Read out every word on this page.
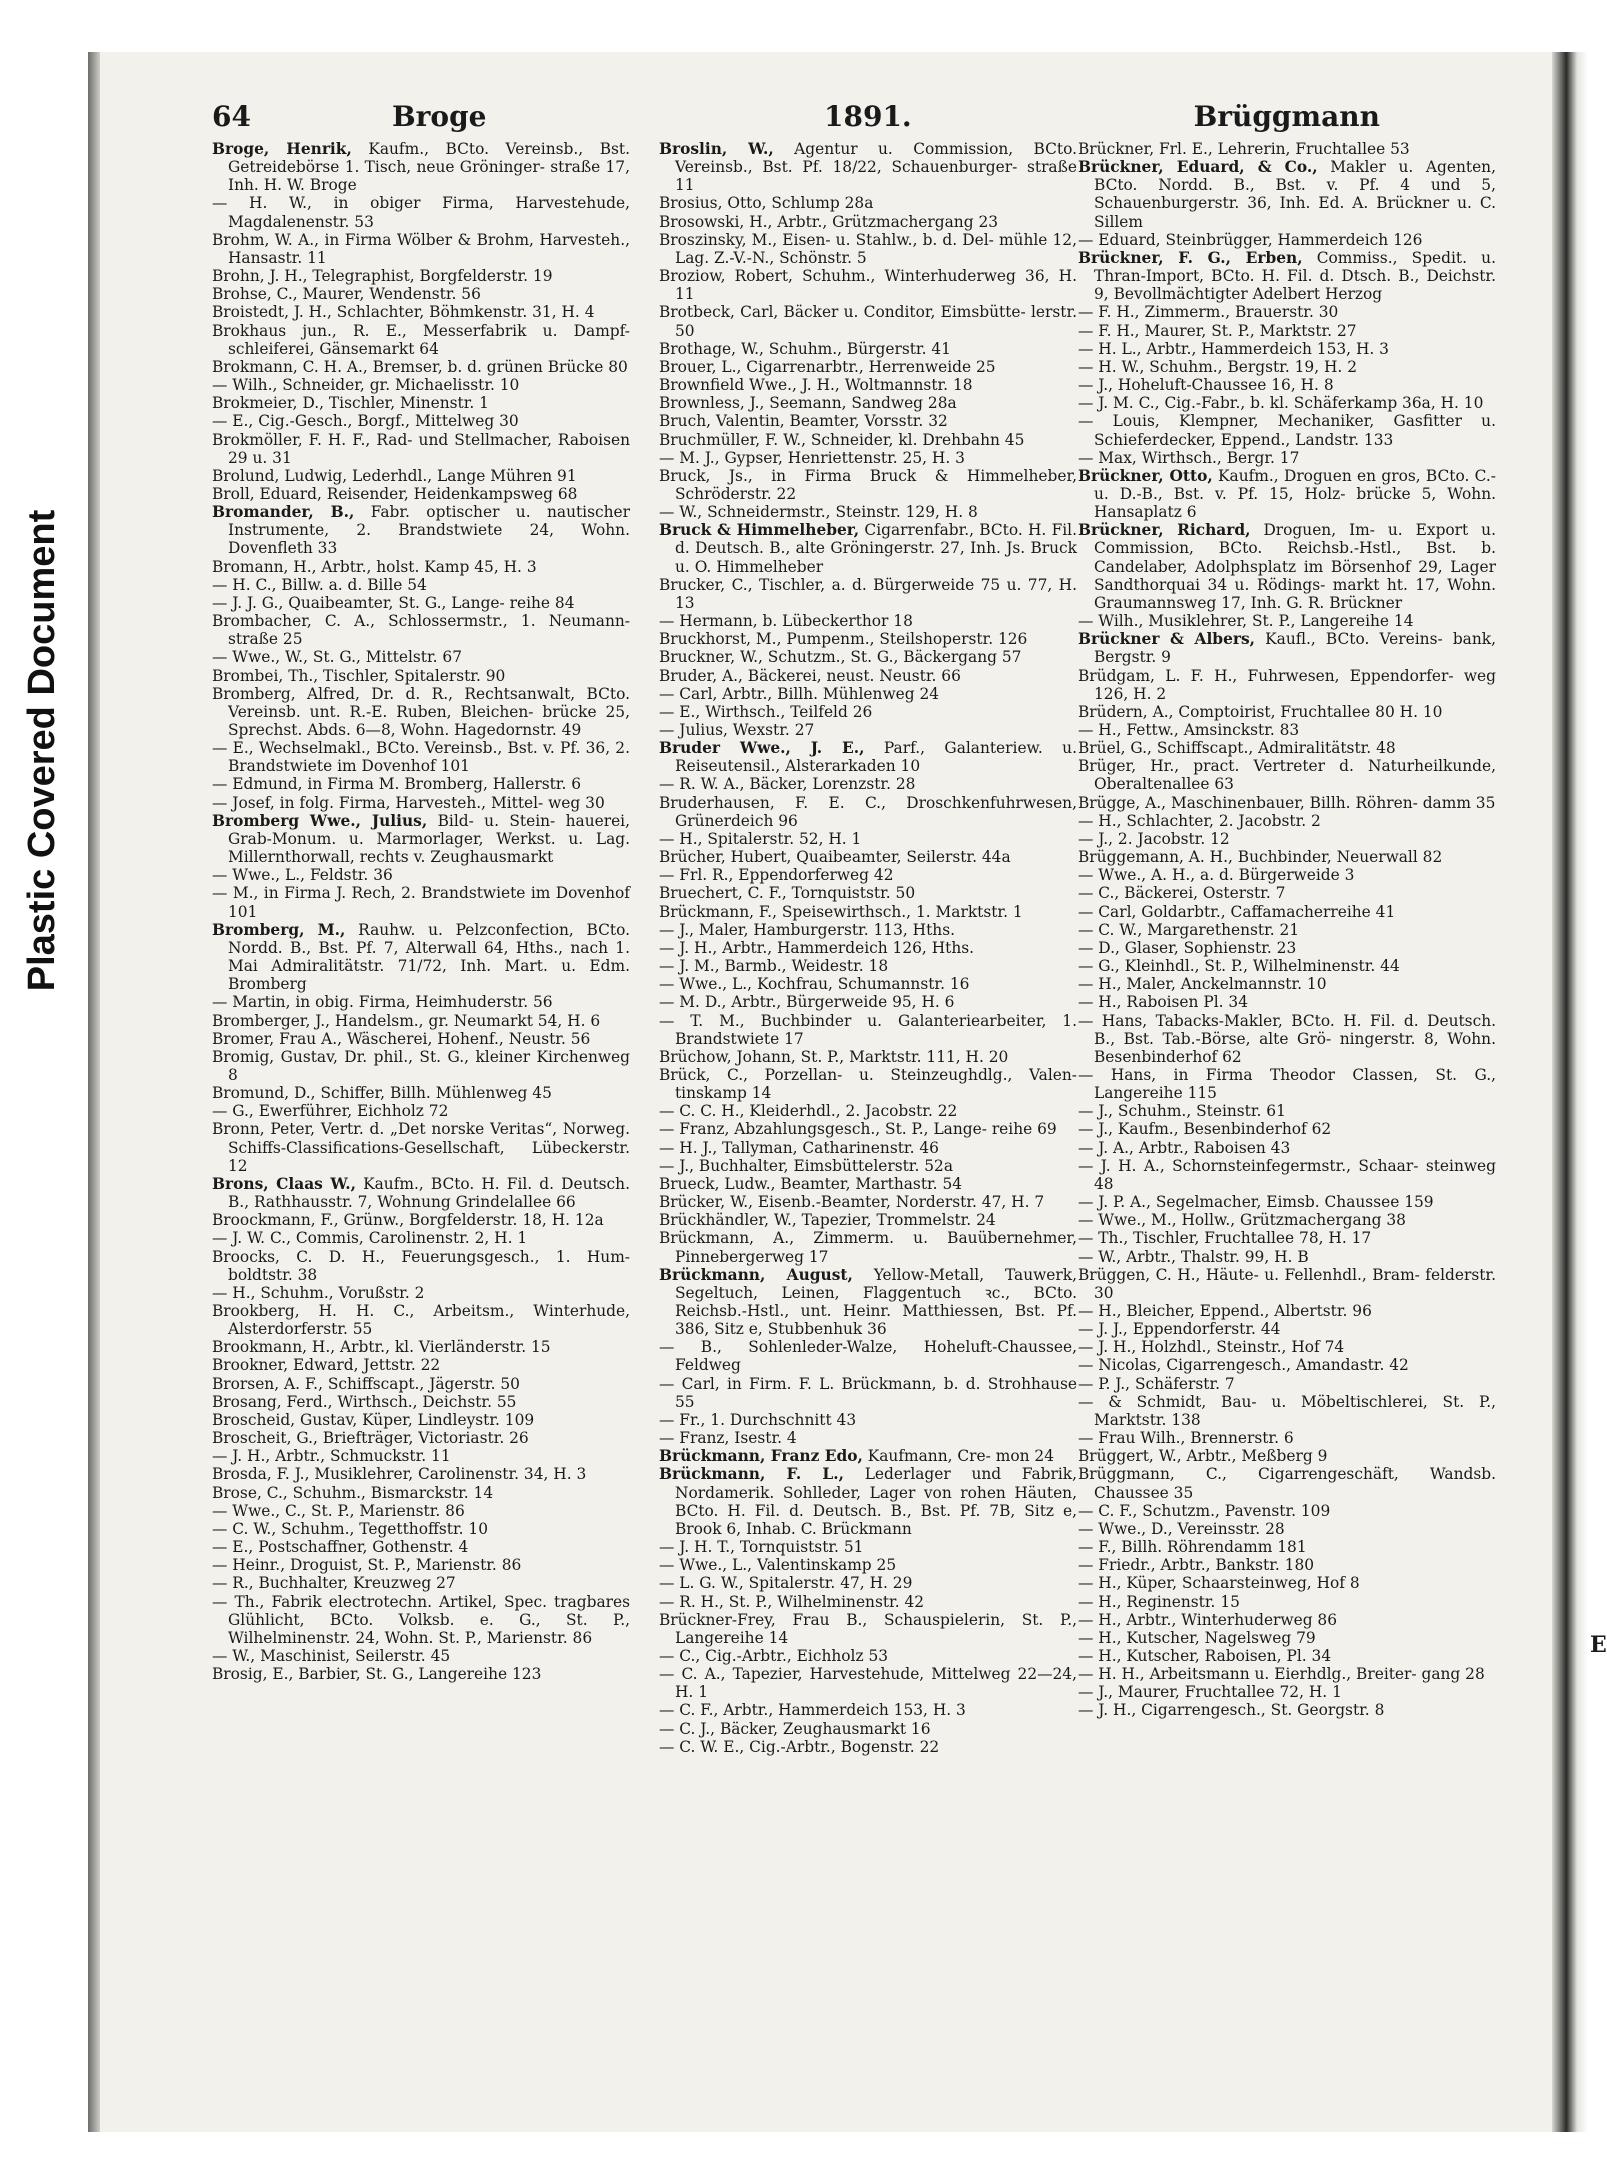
Plastic Covered Document
E
64	Broge	1891.	Brüggmann

Broge, Henrik, Kaufm., BCto. Vereinsb., Bst. Getreidebörse 1. Tisch, neue Gröninger- straße 17, Inh. H. W. Broge

— H. W., in obiger Firma, Harvestehude, Magdalenenstr. 53

Brohm, W. A., in Firma Wölber & Brohm, Harvesteh., Hansastr. 11

Brohn, J. H., Telegraphist, Borgfelderstr. 19

Brohse, C., Maurer, Wendenstr. 56

Broistedt, J. H., Schlachter, Böhmkenstr. 31, H. 4

Brokhaus jun., R. E., Messerfabrik u. Dampf- schleiferei, Gänsemarkt 64

Brokmann, C. H. A., Bremser, b. d. grünen Brücke 80

— Wilh., Schneider, gr. Michaelisstr. 10

Brokmeier, D., Tischler, Minenstr. 1

— E., Cig.-Gesch., Borgf., Mittelweg 30

Brokmöller, F. H. F., Rad- und Stellmacher, Raboisen 29 u. 31

Brolund, Ludwig, Lederhdl., Lange Mühren 91

Broll, Eduard, Reisender, Heidenkampsweg 68

Bromander, B., Fabr. optischer u. nautischer Instrumente, 2. Brandstwiete 24, Wohn. Dovenfleth 33

Bromann, H., Arbtr., holst. Kamp 45, H. 3

— H. C., Billw. a. d. Bille 54

— J. J. G., Quaibeamter, St. G., Lange- reihe 84

Brombacher, C. A., Schlossermstr., 1. Neumann- straße 25

— Wwe., W., St. G., Mittelstr. 67

Brombei, Th., Tischler, Spitalerstr. 90

Bromberg, Alfred, Dr. d. R., Rechtsanwalt, BCto. Vereinsb. unt. R.-E. Ruben, Bleichen- brücke 25, Sprechst. Abds. 6—8, Wohn. Hagedornstr. 49

— E., Wechselmakl., BCto. Vereinsb., Bst. v. Pf. 36, 2. Brandstwiete im Dovenhof 101

— Edmund, in Firma M. Bromberg, Hallerstr. 6

— Josef, in folg. Firma, Harvesteh., Mittel- weg 30

Bromberg Wwe., Julius, Bild- u. Stein- hauerei, Grab-Monum. u. Marmorlager, Werkst. u. Lag. Millernthorwall, rechts v. Zeughausmarkt

— Wwe., L., Feldstr. 36

— M., in Firma J. Rech, 2. Brandstwiete im Dovenhof 101

Bromberg, M., Rauhw. u. Pelzconfection, BCto. Nordd. B., Bst. Pf. 7, Alterwall 64, Hths., nach 1. Mai Admiralitätstr. 71/72, Inh. Mart. u. Edm. Bromberg

— Martin, in obig. Firma, Heimhuderstr. 56

Bromberger, J., Handelsm., gr. Neumarkt 54, H. 6

Bromer, Frau A., Wäscherei, Hohenf., Neustr. 56

Bromig, Gustav, Dr. phil., St. G., kleiner Kirchenweg 8

Bromund, D., Schiffer, Billh. Mühlenweg 45

— G., Ewerführer, Eichholz 72

Bronn, Peter, Vertr. d. „Det norske Veritas“, Norweg. Schiffs-Classifications-Gesellschaft, Lübeckerstr. 12

Brons, Claas W., Kaufm., BCto. H. Fil. d. Deutsch. B., Rathhausstr. 7, Wohnung Grindelallee 66

Broockmann, F., Grünw., Borgfelderstr. 18, H. 12a

— J. W. C., Commis, Carolinenstr. 2, H. 1

Broocks, C. D. H., Feuerungsgesch., 1. Hum- boldtstr. 38

— H., Schuhm., Vorußstr. 2

Brookberg, H. H. C., Arbeitsm., Winterhude, Alsterdorferstr. 55

Brookmann, H., Arbtr., kl. Vierländerstr. 15

Brookner, Edward, Jettstr. 22

Brorsen, A. F., Schiffscapt., Jägerstr. 50

Brosang, Ferd., Wirthsch., Deichstr. 55

Broscheid, Gustav, Küper, Lindleystr. 109

Broscheit, G., Briefträger, Victoriastr. 26

— J. H., Arbtr., Schmuckstr. 11

Brosda, F. J., Musiklehrer, Carolinenstr. 34, H. 3

Brose, C., Schuhm., Bismarckstr. 14

— Wwe., C., St. P., Marienstr. 86

— C. W., Schuhm., Tegetthoffstr. 10

— E., Postschaffner, Gothenstr. 4

— Heinr., Droguist, St. P., Marienstr. 86

— R., Buchhalter, Kreuzweg 27

— Th., Fabrik electrotechn. Artikel, Spec. tragbares Glühlicht, BCto. Volksb. e. G., St. P., Wilhelminenstr. 24, Wohn. St. P., Marienstr. 86

— W., Maschinist, Seilerstr. 45

Brosig, E., Barbier, St. G., Langereihe 123

Broslin, W., Agentur u. Commission, BCto. Vereinsb., Bst. Pf. 18/22, Schauenburger- straße 11

Brosius, Otto, Schlump 28a

Brosowski, H., Arbtr., Grützmachergang 23

Broszinsky, M., Eisen- u. Stahlw., b. d. Del- mühle 12, Lag. Z.-V.-N., Schönstr. 5

Broziow, Robert, Schuhm., Winterhuderweg 36, H. 11

Brotbeck, Carl, Bäcker u. Conditor, Eimsbütte- lerstr. 50

Brothage, W., Schuhm., Bürgerstr. 41

Brouer, L., Cigarrenarbtr., Herrenweide 25

Brownfield Wwe., J. H., Woltmannstr. 18

Brownless, J., Seemann, Sandweg 28a

Bruch, Valentin, Beamter, Vorsstr. 32

Bruchmüller, F. W., Schneider, kl. Drehbahn 45

— M. J., Gypser, Henriettenstr. 25, H. 3

Bruck, Js., in Firma Bruck & Himmelheber, Schröderstr. 22

— W., Schneidermstr., Steinstr. 129, H. 8

Bruck & Himmelheber, Cigarrenfabr., BCto. H. Fil. d. Deutsch. B., alte Gröningerstr. 27, Inh. Js. Bruck u. O. Himmelheber

Brucker, C., Tischler, a. d. Bürgerweide 75 u. 77, H. 13

— Hermann, b. Lübeckerthor 18

Bruckhorst, M., Pumpenm., Steilshoperstr. 126

Bruckner, W., Schutzm., St. G., Bäckergang 57

Bruder, A., Bäckerei, neust. Neustr. 66

— Carl, Arbtr., Billh. Mühlenweg 24

— E., Wirthsch., Teilfeld 26

— Julius, Wexstr. 27

Bruder Wwe., J. E., Parf., Galanteriew. u. Reiseutensil., Alsterarkaden 10

— R. W. A., Bäcker, Lorenzstr. 28

Bruderhausen, F. E. C., Droschkenfuhrwesen, Grünerdeich 96

— H., Spitalerstr. 52, H. 1

Brücher, Hubert, Quaibeamter, Seilerstr. 44a

— Frl. R., Eppendorferweg 42

Bruechert, C. F., Tornquiststr. 50

Brückmann, F., Speisewirthsch., 1. Marktstr. 1

— J., Maler, Hamburgerstr. 113, Hths.

— J. H., Arbtr., Hammerdeich 126, Hths.

— J. M., Barmb., Weidestr. 18

— Wwe., L., Kochfrau, Schumannstr. 16

— M. D., Arbtr., Bürgerweide 95, H. 6

— T. M., Buchbinder u. Galanteriearbeiter, 1. Brandstwiete 17

Brüchow, Johann, St. P., Marktstr. 111, H. 20

Brück, C., Porzellan- u. Steinzeughdlg., Valen- tinskamp 14

— C. C. H., Kleiderhdl., 2. Jacobstr. 22

— Franz, Abzahlungsgesch., St. P., Lange- reihe 69

— H. J., Tallyman, Catharinenstr. 46

— J., Buchhalter, Eimsbüttelerstr. 52a

Brueck, Ludw., Beamter, Marthastr. 54

Brücker, W., Eisenb.-Beamter, Norderstr. 47, H. 7

Brückhändler, W., Tapezier, Trommelstr. 24

Brückmann, A., Zimmerm. u. Bauübernehmer, Pinnebergerweg 17

Brückmann, August, Yellow-Metall, Tauwerk, Segeltuch, Leinen, Flaggentuch ꝛc., BCto. Reichsb.-Hstl., unt. Heinr. Matthiessen, Bst. Pf. 386, Sitz e, Stubbenhuk 36

— B., Sohlenleder-Walze, Hoheluft-Chaussee, Feldweg

— Carl, in Firm. F. L. Brückmann, b. d. Strohhause 55

— Fr., 1. Durchschnitt 43

— Franz, Isestr. 4

Brückmann, Franz Edo, Kaufmann, Cre- mon 24

Brückmann, F. L., Lederlager und Fabrik, Nordamerik. Sohlleder, Lager von rohen Häuten, BCto. H. Fil. d. Deutsch. B., Bst. Pf. 7B, Sitz e, Brook 6, Inhab. C. Brückmann

— J. H. T., Tornquiststr. 51

— Wwe., L., Valentinskamp 25

— L. G. W., Spitalerstr. 47, H. 29

— R. H., St. P., Wilhelminenstr. 42

Brückner-Frey, Frau B., Schauspielerin, St. P., Langereihe 14

— C., Cig.-Arbtr., Eichholz 53

— C. A., Tapezier, Harvestehude, Mittelweg 22—24, H. 1

— C. F., Arbtr., Hammerdeich 153, H. 3

— C. J., Bäcker, Zeughausmarkt 16

— C. W. E., Cig.-Arbtr., Bogenstr. 22

Brückner, Frl. E., Lehrerin, Fruchtallee 53

Brückner, Eduard, & Co., Makler u. Agenten, BCto. Nordd. B., Bst. v. Pf. 4 und 5, Schauenburgerstr. 36, Inh. Ed. A. Brückner u. C. Sillem

— Eduard, Steinbrügger, Hammerdeich 126

Brückner, F. G., Erben, Commiss., Spedit. u. Thran-Import, BCto. H. Fil. d. Dtsch. B., Deichstr. 9, Bevollmächtigter Adelbert Herzog

— F. H., Zimmerm., Brauerstr. 30

— F. H., Maurer, St. P., Marktstr. 27

— H. L., Arbtr., Hammerdeich 153, H. 3

— H. W., Schuhm., Bergstr. 19, H. 2

— J., Hoheluft-Chaussee 16, H. 8

— J. M. C., Cig.-Fabr., b. kl. Schäferkamp 36a, H. 10

— Louis, Klempner, Mechaniker, Gasfitter u. Schieferdecker, Eppend., Landstr. 133

— Max, Wirthsch., Bergr. 17

Brückner, Otto, Kaufm., Droguen en gros, BCto. C.- u. D.-B., Bst. v. Pf. 15, Holz- brücke 5, Wohn. Hansaplatz 6

Brückner, Richard, Droguen, Im- u. Export u. Commission, BCto. Reichsb.-Hstl., Bst. b. Candelaber, Adolphsplatz im Börsenhof 29, Lager Sandthorquai 34 u. Rödings- markt ht. 17, Wohn. Graumannsweg 17, Inh. G. R. Brückner

— Wilh., Musiklehrer, St. P., Langereihe 14

Brückner & Albers, Kaufl., BCto. Vereins- bank, Bergstr. 9

Brüdgam, L. F. H., Fuhrwesen, Eppendorfer- weg 126, H. 2

Brüdern, A., Comptoirist, Fruchtallee 80 H. 10

— H., Fettw., Amsinckstr. 83

Brüel, G., Schiffscapt., Admiralitätstr. 48

Brüger, Hr., pract. Vertreter d. Naturheilkunde, Oberaltenallee 63

Brügge, A., Maschinenbauer, Billh. Röhren- damm 35

— H., Schlachter, 2. Jacobstr. 2

— J., 2. Jacobstr. 12

Brüggemann, A. H., Buchbinder, Neuerwall 82

— Wwe., A. H., a. d. Bürgerweide 3

— C., Bäckerei, Osterstr. 7

— Carl, Goldarbtr., Caffamacherreihe 41

— C. W., Margarethenstr. 21

— D., Glaser, Sophienstr. 23

— G., Kleinhdl., St. P., Wilhelminenstr. 44

— H., Maler, Anckelmannstr. 10

— H., Raboisen Pl. 34

— Hans, Tabacks-Makler, BCto. H. Fil. d. Deutsch. B., Bst. Tab.-Börse, alte Grö- ningerstr. 8, Wohn. Besenbinderhof 62

— Hans, in Firma Theodor Classen, St. G., Langereihe 115

— J., Schuhm., Steinstr. 61

— J., Kaufm., Besenbinderhof 62

— J. A., Arbtr., Raboisen 43

— J. H. A., Schornsteinfegermstr., Schaar- steinweg 48

— J. P. A., Segelmacher, Eimsb. Chaussee 159

— Wwe., M., Hollw., Grützmachergang 38

— Th., Tischler, Fruchtallee 78, H. 17

— W., Arbtr., Thalstr. 99, H. B

Brüggen, C. H., Häute- u. Fellenhdl., Bram- felderstr. 30

— H., Bleicher, Eppend., Albertstr. 96

— J. J., Eppendorferstr. 44

— J. H., Holzhdl., Steinstr., Hof 74

— Nicolas, Cigarrengesch., Amandastr. 42

— P. J., Schäferstr. 7

— & Schmidt, Bau- u. Möbeltischlerei, St. P., Marktstr. 138

— Frau Wilh., Brennerstr. 6

Brüggert, W., Arbtr., Meßberg 9

Brüggmann, C., Cigarrengeschäft, Wandsb. Chaussee 35

— C. F., Schutzm., Pavenstr. 109

— Wwe., D., Vereinsstr. 28

— F., Billh. Röhrendamm 181

— Friedr., Arbtr., Bankstr. 180

— H., Küper, Schaarsteinweg, Hof 8

— H., Reginenstr. 15

— H., Arbtr., Winterhuderweg 86

— H., Kutscher, Nagelsweg 79

— H., Kutscher, Raboisen, Pl. 34

— H. H., Arbeitsmann u. Eierhdlg., Breiter- gang 28

— J., Maurer, Fruchtallee 72, H. 1

— J. H., Cigarrengesch., St. Georgstr. 8
